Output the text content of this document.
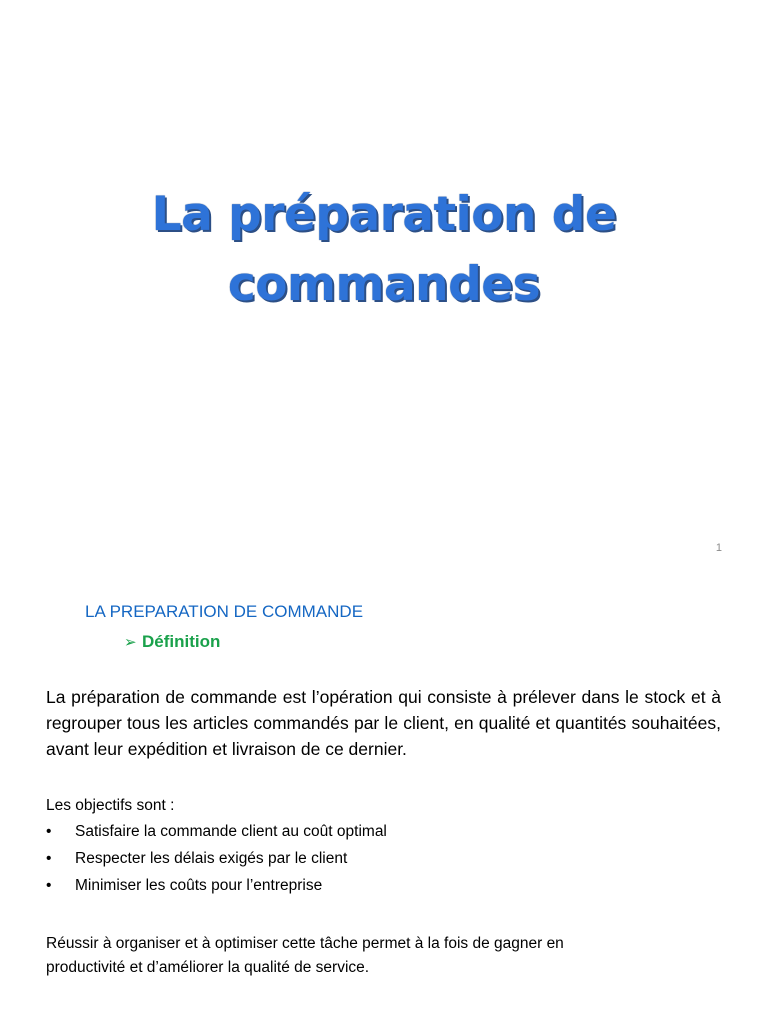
La préparation de
commandes
1
LA PREPARATION DE COMMANDE
➢ Définition

La préparation de commande est l’opération qui consiste à prélever dans le stock et à regrouper tous les articles commandés par le client, en qualité et quantités souhaitées, avant leur expédition et livraison de ce dernier.

Les objectifs sont :

• Satisfaire la commande client au coût optimal
• Respecter les délais exigés par le client
• Minimiser les coûts pour l’entreprise

Réussir à organiser et à optimiser cette tâche permet à la fois de gagner en productivité et d’améliorer la qualité de service.
